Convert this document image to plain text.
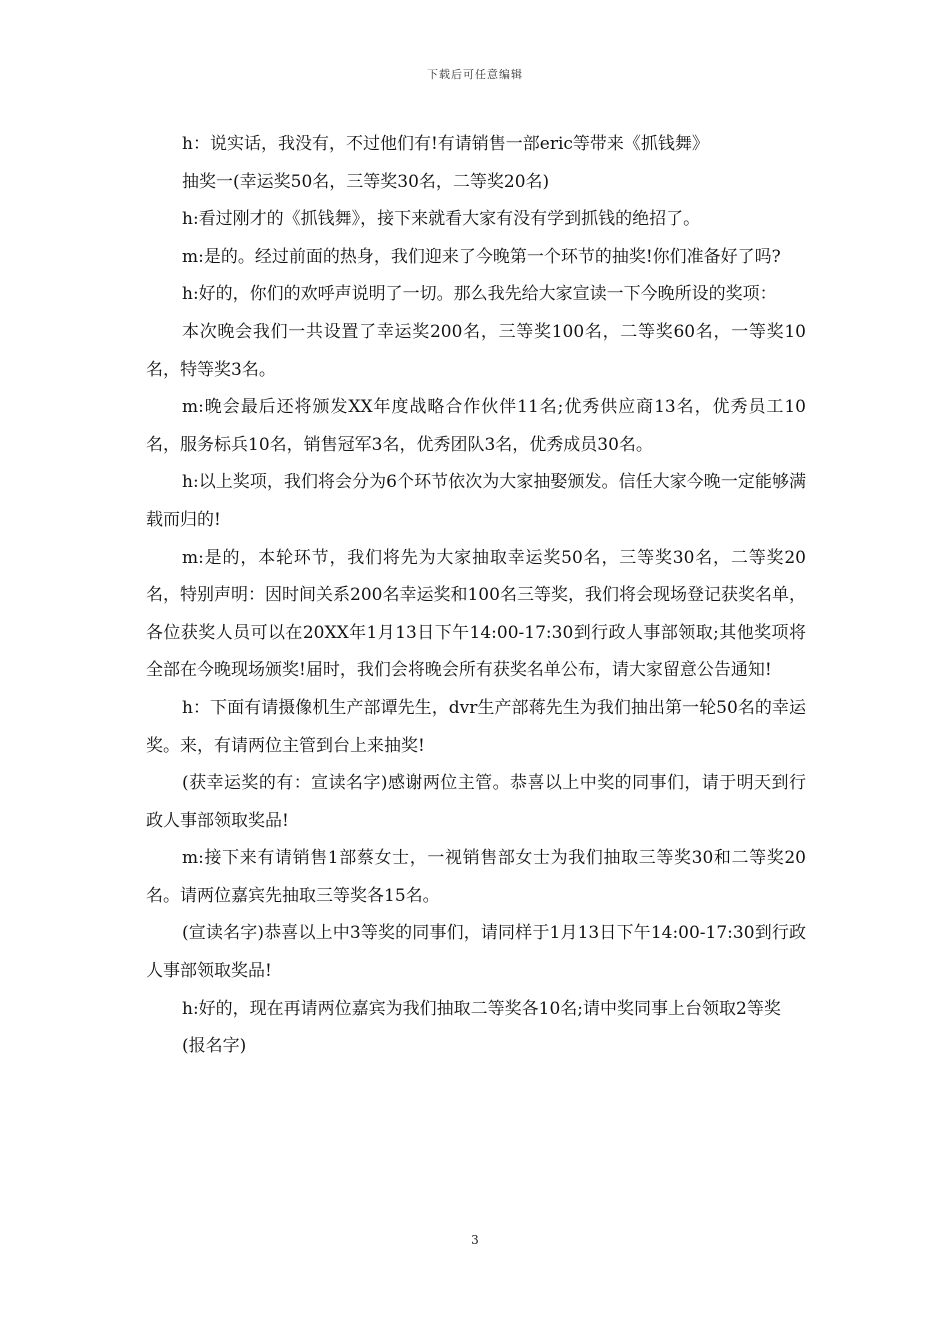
下载后可任意编辑

h：说实话，我没有，不过他们有!有请销售一部eric等带来《抓钱舞》

抽奖一(幸运奖50名，三等奖30名，二等奖20名)

h:看过刚才的《抓钱舞》，接下来就看大家有没有学到抓钱的绝招了。

m:是的。经过前面的热身，我们迎来了今晚第一个环节的抽奖!你们准备好了吗?

h:好的，你们的欢呼声说明了一切。那么我先给大家宣读一下今晚所设的奖项：

本次晚会我们一共设置了幸运奖200名，三等奖100名，二等奖60名，一等奖10名，特等奖3名。

m:晚会最后还将颁发XX年度战略合作伙伴11名;优秀供应商13名，优秀员工10名，服务标兵10名，销售冠军3名，优秀团队3名，优秀成员30名。

h:以上奖项，我们将会分为6个环节依次为大家抽娶颁发。信任大家今晚一定能够满载而归的!

m:是的，本轮环节，我们将先为大家抽取幸运奖50名，三等奖30名，二等奖20名，特别声明：因时间关系200名幸运奖和100名三等奖，我们将会现场登记获奖名单，各位获奖人员可以在20XX年1月13日下午14:00-17:30到行政人事部领取;其他奖项将全部在今晚现场颁奖!届时，我们会将晚会所有获奖名单公布，请大家留意公告通知!

h：下面有请摄像机生产部谭先生，dvr生产部蒋先生为我们抽出第一轮50名的幸运奖。来，有请两位主管到台上来抽奖!

(获幸运奖的有：宣读名字)感谢两位主管。恭喜以上中奖的同事们，请于明天到行政人事部领取奖品!

m:接下来有请销售1部蔡女士，一视销售部女士为我们抽取三等奖30和二等奖20名。请两位嘉宾先抽取三等奖各15名。

(宣读名字)恭喜以上中3等奖的同事们，请同样于1月13日下午14:00-17:30到行政人事部领取奖品!

h:好的，现在再请两位嘉宾为我们抽取二等奖各10名;请中奖同事上台领取2等奖

(报名字)

3
